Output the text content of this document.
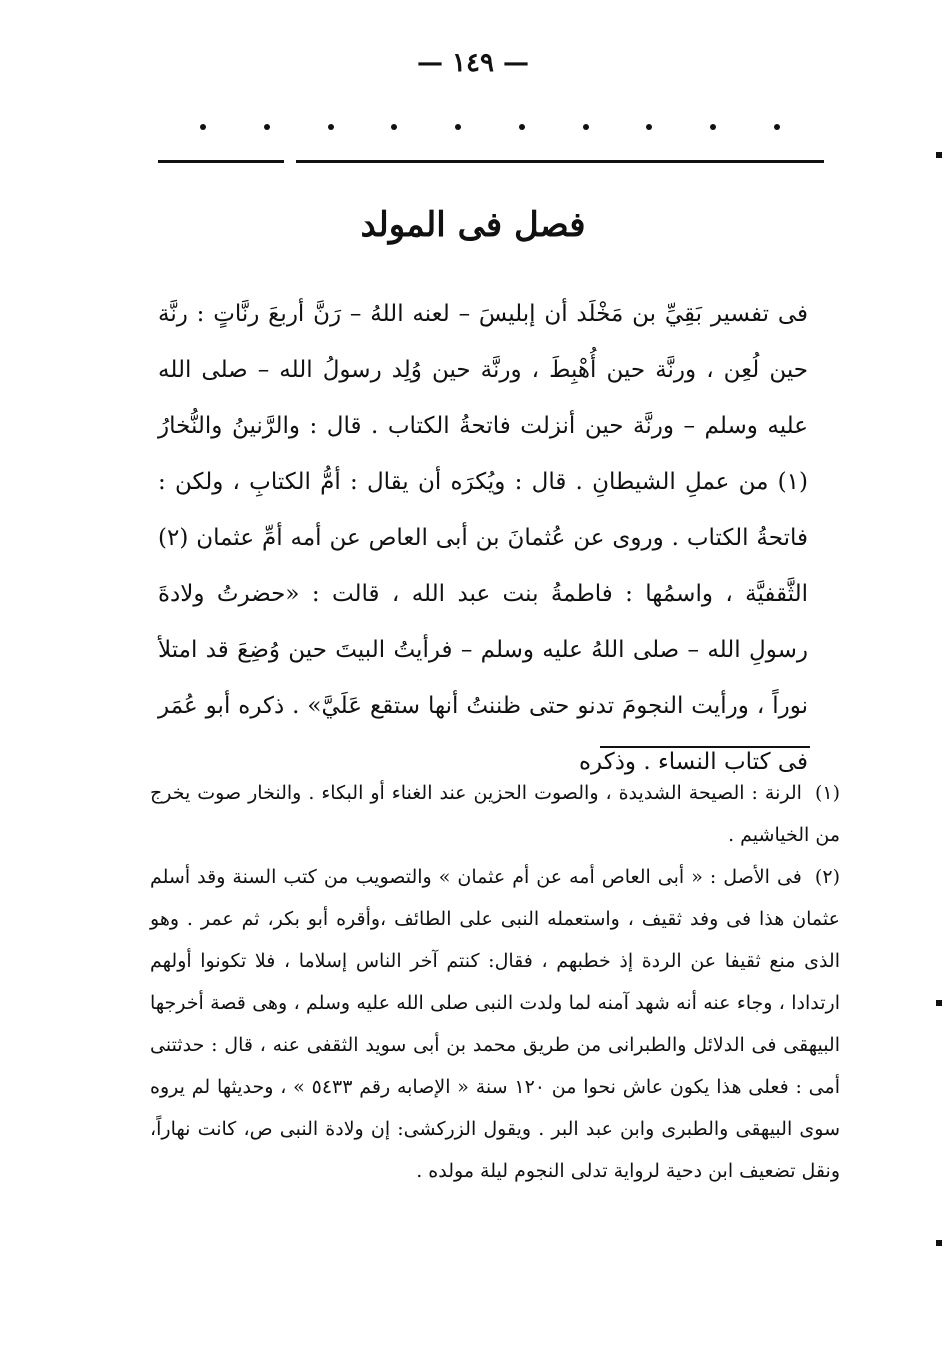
— ١٤٩ —
فصل فى المولد

فى تفسير بَقِيِّ بن مَخْلَد أن إبليسَ – لعنه اللهُ – رَنَّ أربعَ رنَّاتٍ : رنَّة حين لُعِن ، ورنَّة حين أُهْبِطَ ، ورنَّة حين وُلِد رسولُ الله – صلى الله عليه وسلم – ورنَّة حين أنزلت فاتحةُ الكتاب . قال : والرَّنينُ والنُّخارُ (١) من عملِ الشيطانِ . قال : ويُكرَه أن يقال : أمُّ الكتابِ ، ولكن : فاتحةُ الكتاب . وروى عن عُثمانَ بن أبى العاص عن أمه أمِّ عثمان (٢) الثَّقفيَّة ، واسمُها : فاطمةُ بنت عبد الله ، قالت : «حضرتُ ولادةَ رسولِ الله – صلى اللهُ عليه وسلم – فرأيتُ البيتَ حين وُضِعَ قد امتلأ نوراً ، ورأيت النجومَ تدنو حتى ظننتُ أنها ستقع عَلَيَّ» . ذكره أبو عُمَر فى كتاب النساء . وذكره

(١) الرنة : الصيحة الشديدة ، والصوت الحزين عند الغناء أو البكاء . والنخار صوت يخرج من الخياشيم .

(٢) فى الأصل : « أبى العاص أمه عن أم عثمان » والتصويب من كتب السنة وقد أسلم عثمان هذا فى وفد ثقيف ، واستعمله النبى على الطائف ،وأقره أبو بكر، ثم عمر . وهو الذى منع ثقيفا عن الردة إذ خطبهم ، فقال: كنتم آخر الناس إسلاما ، فلا تكونوا أولهم ارتدادا ، وجاء عنه أنه شهد آمنه لما ولدت النبى صلى الله عليه وسلم ، وهى قصة أخرجها البيهقى فى الدلائل والطبرانى من طريق محمد بن أبى سويد الثقفى عنه ، قال : حدثتنى أمى : فعلى هذا يكون عاش نحوا من ١٢٠ سنة « الإصابه رقم ٥٤٣٣ » ، وحديثها لم يروه سوى البيهقى والطبرى وابن عبد البر . ويقول الزركشى: إن ولادة النبى ص، كانت نهاراً، ونقل تضعيف ابن دحية لرواية تدلى النجوم ليلة مولده .
